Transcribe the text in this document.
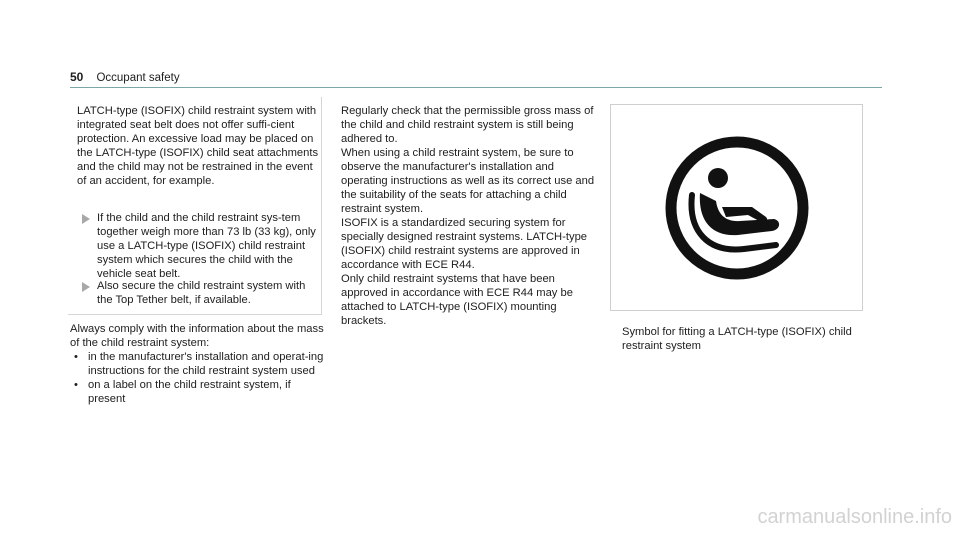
50 Occupant safety

LATCH-type (ISOFIX) child restraint system with integrated seat belt does not offer suffi-cient protection. An excessive load may be placed on the LATCH-type (ISOFIX) child seat attachments and the child may not be restrained in the event of an accident, for example.

If the child and the child restraint sys-tem together weigh more than 73 lb (33 kg), only use a LATCH-type (ISOFIX) child restraint system which secures the child with the vehicle seat belt.
Also secure the child restraint system with the Top Tether belt, if available.

Always comply with the information about the mass of the child restraint system:

• in the manufacturer's installation and operat-ing instructions for the child restraint system used
• on a label on the child restraint system, if present

Regularly check that the permissible gross mass of the child and child restraint system is still being adhered to.

When using a child restraint system, be sure to observe the manufacturer's installation and operating instructions as well as its correct use and the suitability of the seats for attaching a child restraint system.

ISOFIX is a standardized securing system for specially designed restraint systems. LATCH-type (ISOFIX) child restraint systems are approved in accordance with ECE R44.

Only child restraint systems that have been approved in accordance with ECE R44 may be attached to LATCH-type (ISOFIX) mounting brackets.

Symbol for fitting a LATCH-type (ISOFIX) child restraint system

carmanualsonline.info
